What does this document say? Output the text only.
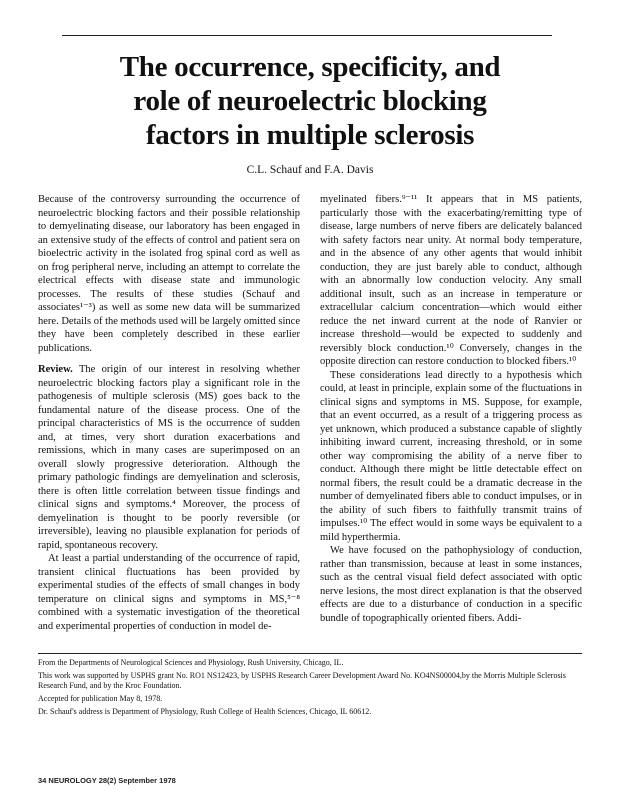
The occurrence, specificity, and
role of neuroelectric blocking
factors in multiple sclerosis
C.L. Schauf and F.A. Davis

Because of the controversy surrounding the occurrence of neuroelectric blocking factors and their possible relationship to demyelinating disease, our laboratory has been engaged in an extensive study of the effects of control and patient sera on bioelectric activity in the isolated frog spinal cord as well as on frog peripheral nerve, including an attempt to correlate the electrical effects with disease state and immunologic processes. The results of these studies (Schauf and associates¹⁻³) as well as some new data will be summarized here. Details of the methods used will be largely omitted since they have been completely described in these earlier publications.

Review. The origin of our interest in resolving whether neuroelectric blocking factors play a significant role in the pathogenesis of multiple sclerosis (MS) goes back to the fundamental nature of the disease process. One of the principal characteristics of MS is the occurrence of sudden and, at times, very short duration exacerbations and remissions, which in many cases are superimposed on an overall slowly progressive deterioration. Although the primary pathologic findings are demyelination and sclerosis, there is often little correlation between tissue findings and clinical signs and symptoms.⁴ Moreover, the process of demyelination is thought to be poorly reversible (or irreversible), leaving no plausible explanation for periods of rapid, spontaneous recovery.

At least a partial understanding of the occurrence of rapid, transient clinical fluctuations has been provided by experimental studies of the effects of small changes in body temperature on clinical signs and symptoms in MS,⁵⁻⁸ combined with a systematic investigation of the theoretical and experimental properties of conduction in model de-

myelinated fibers.⁹⁻¹¹ It appears that in MS patients, particularly those with the exacerbating/remitting type of disease, large numbers of nerve fibers are delicately balanced with safety factors near unity. At normal body temperature, and in the absence of any other agents that would inhibit conduction, they are just barely able to conduct, although with an abnormally low conduction velocity. Any small additional insult, such as an increase in temperature or extracellular calcium concentration—which would either reduce the net inward current at the node of Ranvier or increase threshold—would be expected to suddenly and reversibly block conduction.¹⁰ Conversely, changes in the opposite direction can restore conduction to blocked fibers.¹⁰

These considerations lead directly to a hypothesis which could, at least in principle, explain some of the fluctuations in clinical signs and symptoms in MS. Suppose, for example, that an event occurred, as a result of a triggering process as yet unknown, which produced a substance capable of slightly inhibiting inward current, increasing threshold, or in some other way compromising the ability of a nerve fiber to conduct. Although there might be little detectable effect on normal fibers, the result could be a dramatic decrease in the number of demyelinated fibers able to conduct impulses, or in the ability of such fibers to faithfully transmit trains of impulses.¹⁰ The effect would in some ways be equivalent to a mild hyperthermia.

We have focused on the pathophysiology of conduction, rather than transmission, because at least in some instances, such as the central visual field defect associated with optic nerve lesions, the most direct explanation is that the observed effects are due to a disturbance of conduction in a specific bundle of topographically oriented fibers. Addi-

From the Departments of Neurological Sciences and Physiology, Rush University, Chicago, IL.

This work was supported by USPHS grant No. RO1 NS12423, by USPHS Research Career Development Award No. KO4NS00004,by the Morris Multiple Sclerosis Research Fund, and by the Kroc Foundation.

Accepted for publication May 8, 1978.

Dr. Schauf's address is Department of Physiology, Rush College of Health Sciences, Chicago, IL 60612.

34 NEUROLOGY 28(2) September 1978
